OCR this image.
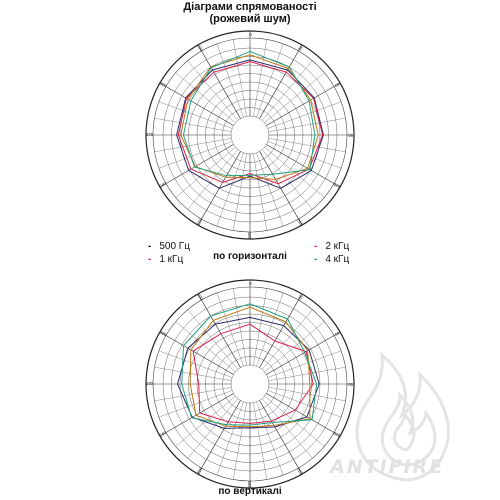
Діаграми спрямованості
(рожевий шум)
0
30
60
90
120
150
180
210
240
270
300
330
- 500 Гц
- 1 кГц
- 2 кГц
- 4 кГц
по горизонталі
0
30
60
90
120
150
180
210
240
270
300
330
по вертикалі
ANTIFIRE
